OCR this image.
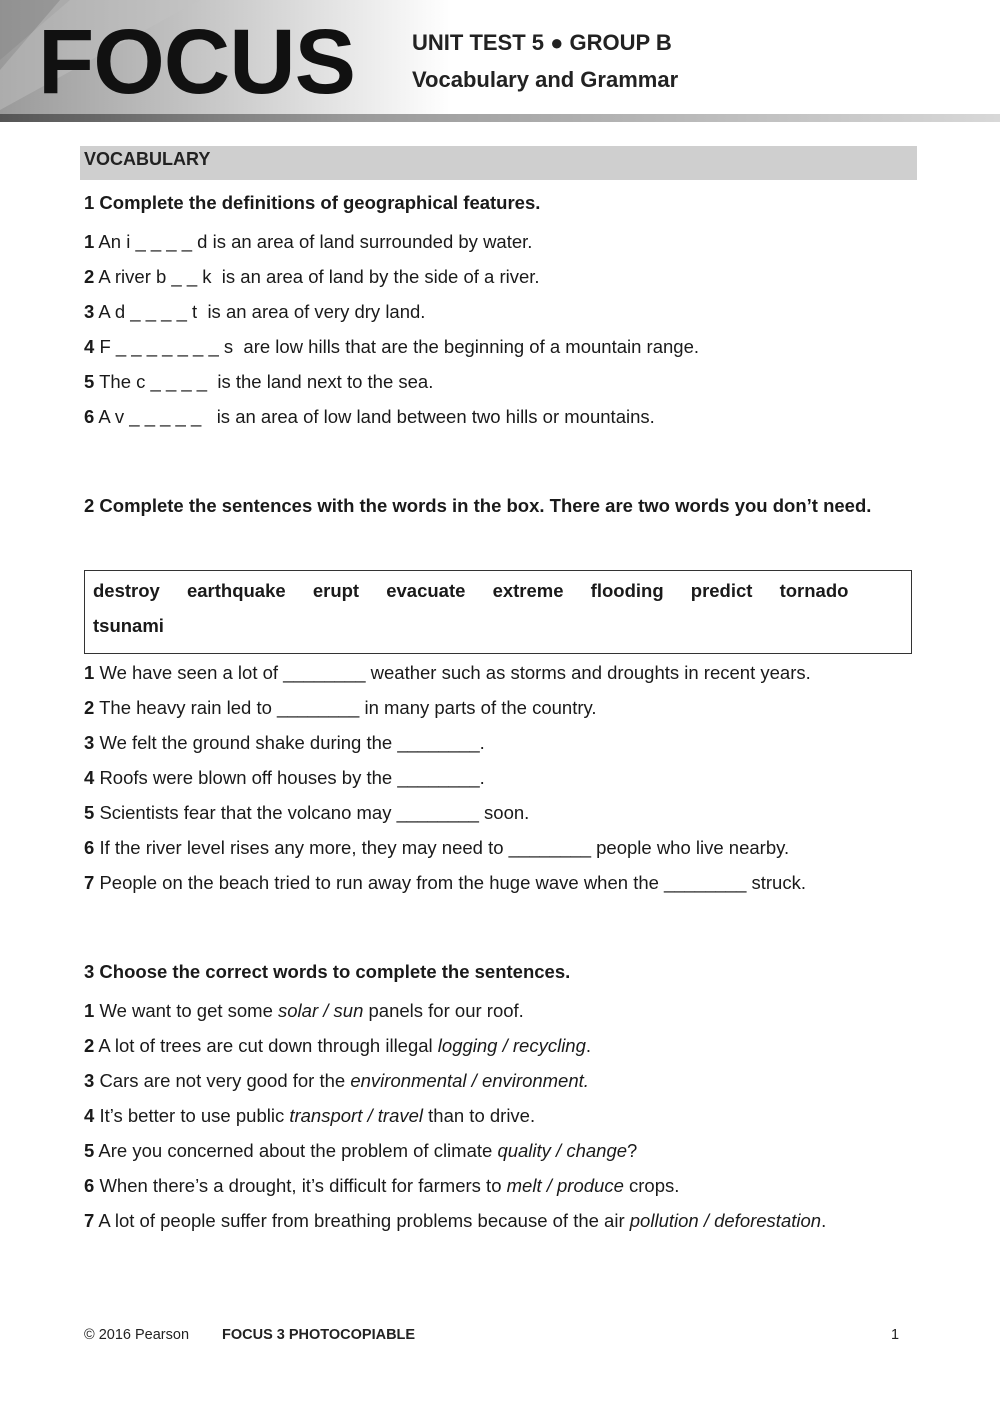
FOCUS	UNIT TEST 5 ● GROUP B
Vocabulary and Grammar
VOCABULARY
1 Complete the definitions of geographical features.
1 An i _ _ _ _ d is an area of land surrounded by water.
2 A river b _ _ k  is an area of land by the side of a river.
3 A d _ _ _ _ t  is an area of very dry land.
4 F _ _ _ _ _ _ _ s  are low hills that are the beginning of a mountain range.
5 The c _ _ _ _  is the land next to the sea.
6 A v _ _ _ _ _   is an area of low land between two hills or mountains.
2 Complete the sentences with the words in the box. There are two words you don’t need.
destroy earthquake erupt evacuate extreme flooding predict tornado tsunami
1 We have seen a lot of ________ weather such as storms and droughts in recent years.
2 The heavy rain led to ________ in many parts of the country.
3 We felt the ground shake during the ________.
4 Roofs were blown off houses by the ________.
5 Scientists fear that the volcano may ________ soon.
6 If the river level rises any more, they may need to ________ people who live nearby.
7 People on the beach tried to run away from the huge wave when the ________ struck.
3 Choose the correct words to complete the sentences.
1 We want to get some solar / sun panels for our roof.
2 A lot of trees are cut down through illegal logging / recycling.
3 Cars are not very good for the environmental / environment.
4 It’s better to use public transport / travel than to drive.
5 Are you concerned about the problem of climate quality / change?
6 When there’s a drought, it’s difficult for farmers to melt / produce crops.
7 A lot of people suffer from breathing problems because of the air pollution / deforestation.
© 2016 Pearson FOCUS 3 PHOTOCOPIABLE	1
